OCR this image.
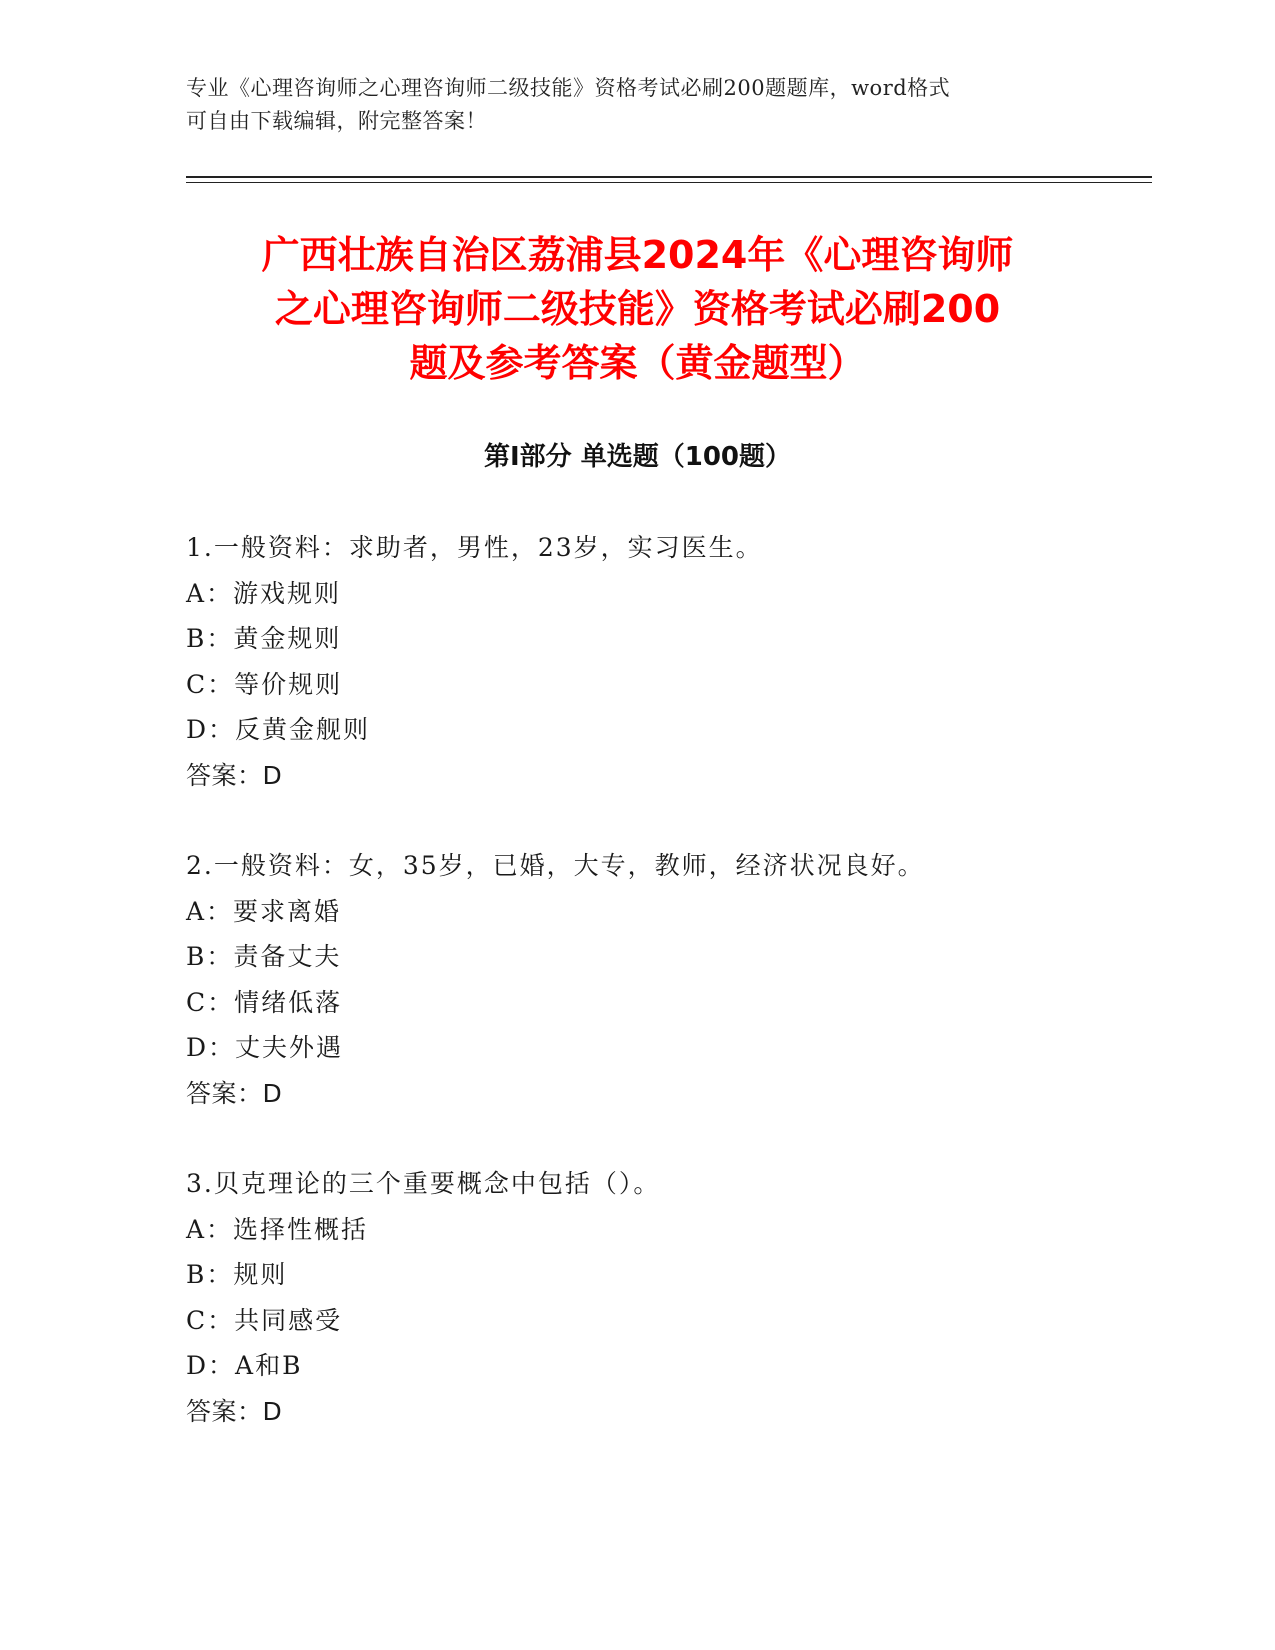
专业《心理咨询师之心理咨询师二级技能》资格考试必刷200题题库，word格式
可自由下载编辑，附完整答案！
广西壮族自治区荔浦县2024年《心理咨询师
之心理咨询师二级技能》资格考试必刷200
题及参考答案（黄金题型）
第Ⅰ部分 单选题（100题）
1.一般资料：求助者，男性，23岁，实习医生。
A：游戏规则
B：黄金规则
C：等价规则
D：反黄金舰则
答案：D
2.一般资料：女，35岁，已婚，大专，教师，经济状况良好。
A：要求离婚
B：责备丈夫
C：情绪低落
D：丈夫外遇
答案：D
3.贝克理论的三个重要概念中包括（）。
A：选择性概括
B：规则
C：共同感受
D：A和B
答案：D
